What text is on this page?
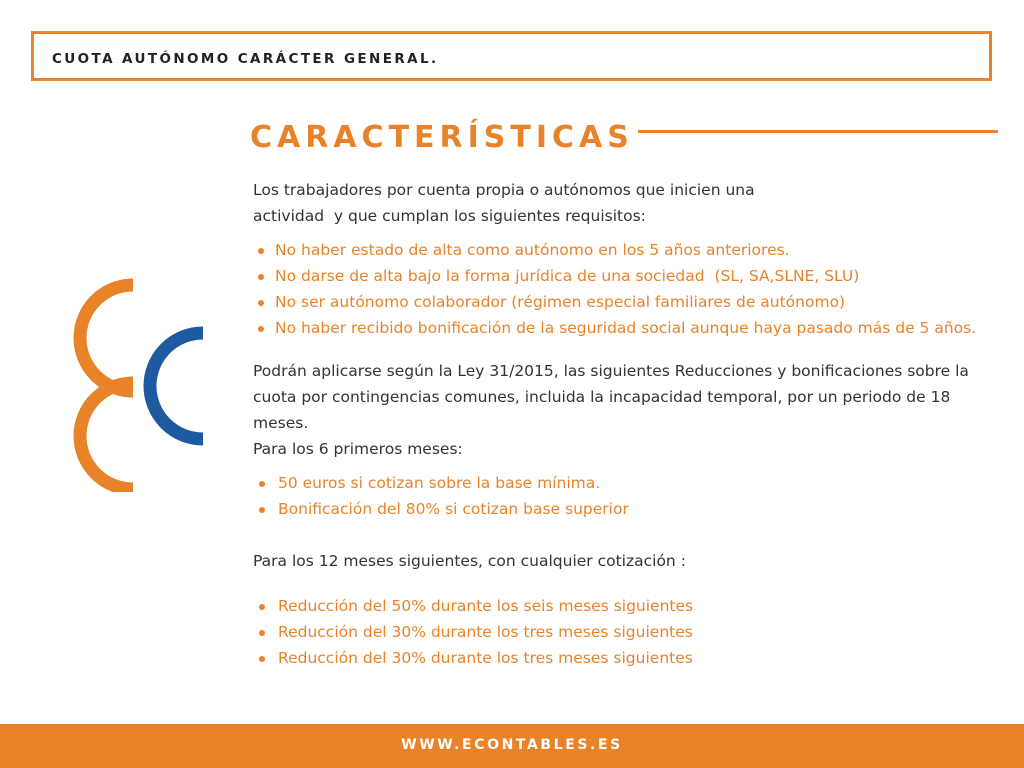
CUOTA AUTÓNOMO CARÁCTER GENERAL.
CARACTERÍSTICAS

Los trabajadores por cuenta propia o autónomos que inicien una

actividad  y que cumplan los siguientes requisitos:

No haber estado de alta como autónomo en los 5 años anteriores.
No darse de alta bajo la forma jurídica de una sociedad  (SL, SA,SLNE, SLU)
No ser autónomo colaborador (régimen especial familiares de autónomo)
No haber recibido bonificación de la seguridad social aunque haya pasado más de 5 años.

Podrán aplicarse según la Ley 31/2015, las siguientes Reducciones y bonificaciones sobre la cuota por contingencias comunes, incluida la incapacidad temporal, por un periodo de 18 meses.

Para los 6 primeros meses:

50 euros si cotizan sobre la base mínima.
Bonificación del 80% si cotizan base superior

Para los 12 meses siguientes, con cualquier cotización :

Reducción del 50% durante los seis meses siguientes
Reducción del 30% durante los tres meses siguientes
Reducción del 30% durante los tres meses siguientes
WWW.ECONTABLES.ES
